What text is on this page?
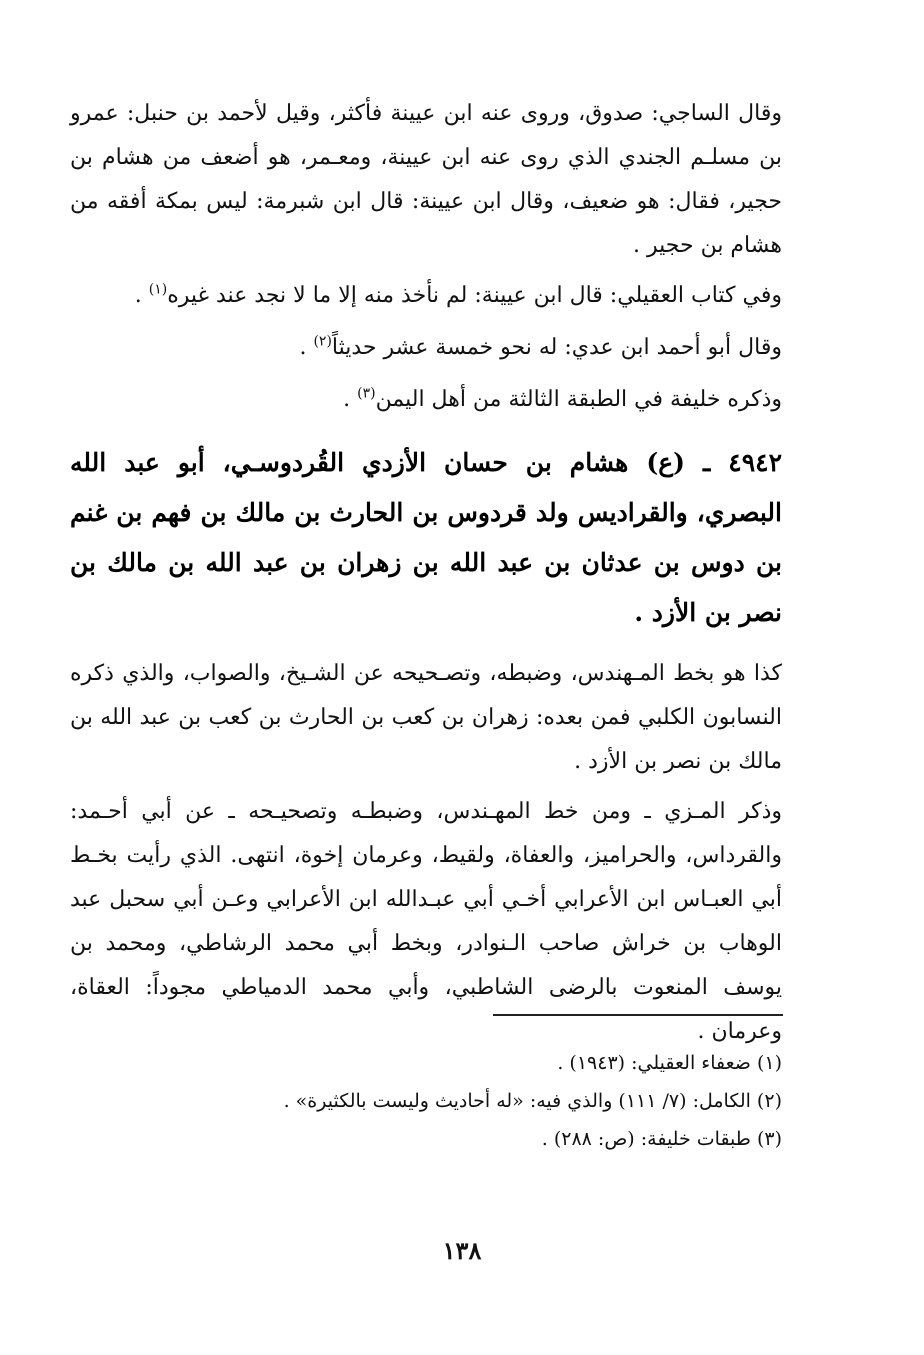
وقال الساجي: صدوق، وروى عنه ابن عيينة فأكثر، وقيل لأحمد بن حنبل: عمرو بن مسلـم الجندي الذي روى عنه ابن عيينة، ومعـمر، هو أضعف من هشام بن حجير، فقال: هو ضعيف، وقال ابن عيينة: قال ابن شبرمة: ليس بمكة أفقه من هشام بن حجير .

وفي كتاب العقيلي: قال ابن عيينة: لم نأخذ منه إلا ما لا نجد عند غيره$^{(١)}$ .

وقال أبو أحمد ابن عدي: له نحو خمسة عشر حديثاً$^{(٢)}$ .

وذكره خليفة في الطبقة الثالثة من أهل اليمن$^{(٣)}$ .

٤٩٤٢ ـ (ع) هشام بن حسان الأزدي القُردوسـي، أبو عبد الله البصري، والقراديس ولد قردوس بن الحارث بن مالك بن فهم بن غنم بن دوس بن عدثان بن عبد الله بن زهران بن عبد الله بن مالك بن نصر بن الأزد .

كذا هو بخط المـهندس، وضبطه، وتصـحيحه عن الشـيخ، والصواب، والذي ذكره النسابون الكلبي فمن بعده: زهران بن كعب بن الحارث بن كعب بن عبد الله بن مالك بن نصر بن الأزد .

وذكر المـزي ـ ومن خط المهـندس، وضبطـه وتصحيـحه ـ عن أبي أحـمد: والقرداس، والحراميز، والعفاة، ولقيط، وعرمان إخوة، انتهى. الذي رأيت بخـط أبي العبـاس ابن الأعرابي أخـي أبي عبـدالله ابن الأعرابي وعـن أبي سحبل عبد الوهاب بن خراش صاحب الـنوادر، وبخط أبي محمد الرشاطي، ومحمد بن يوسف المنعوت بالرضى الشاطبي، وأبي محمد الدمياطي مجوداً: العقاة، وعرمان .

(١) ضعفاء العقيلي: (١٩٤٣) .
(٢) الكامل: (٧/ ١١١) والذي فيه: «له أحاديث وليست بالكثيرة» .
(٣) طبقات خليفة: (ص: ٢٨٨) .
١٣٨
